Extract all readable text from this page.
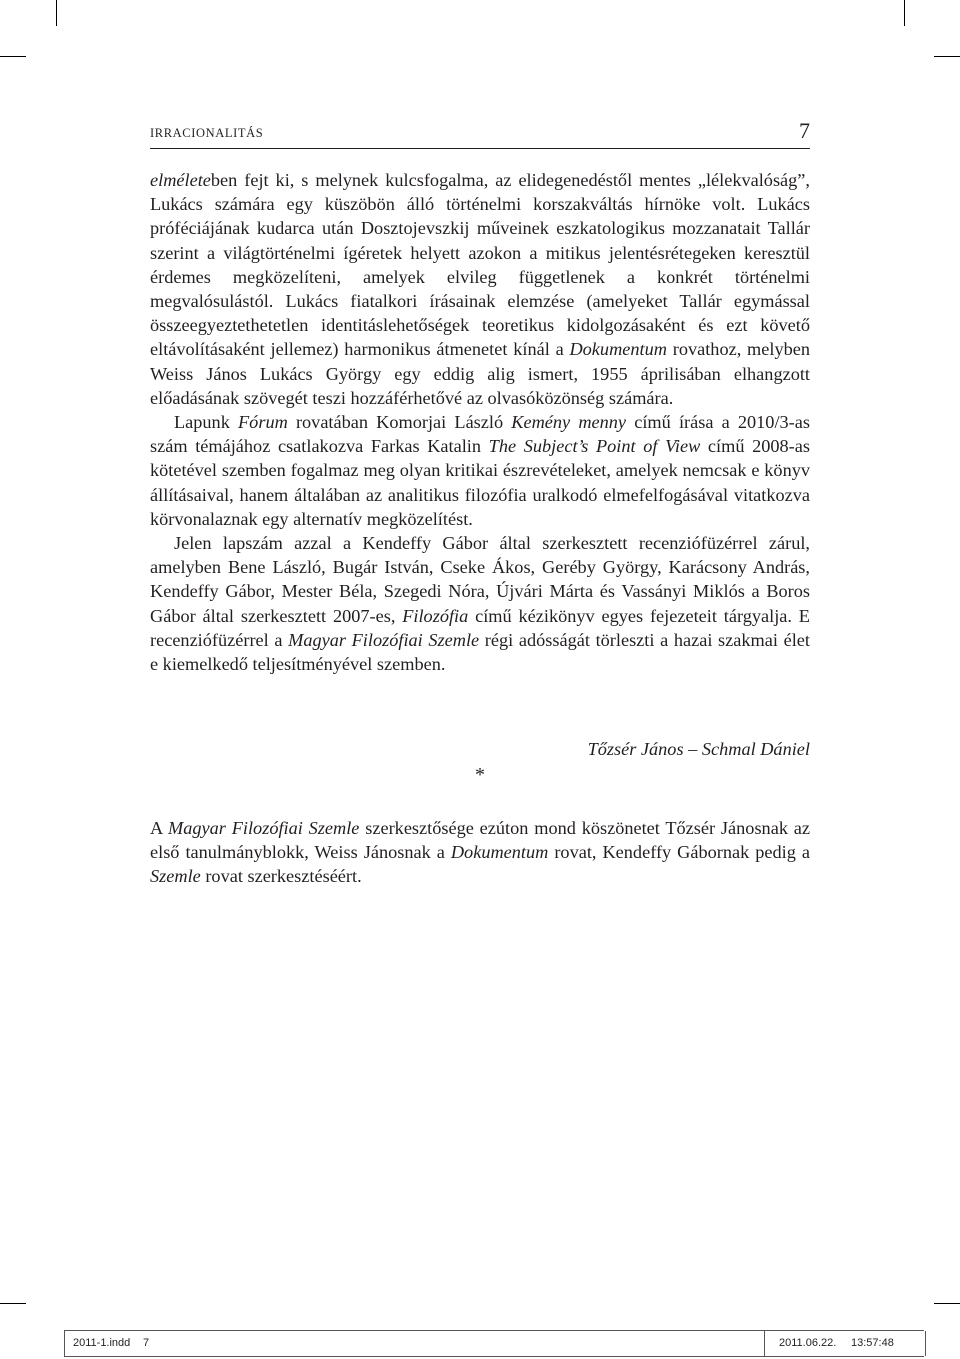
IRRACIONALITÁS	7

elméleteben fejt ki, s melynek kulcsfogalma, az elidegenedéstől mentes „lélekvalóság”, Lukács számára egy küszöbön álló történelmi korszakváltás hírnöke volt. Lukács próféciájának kudarca után Dosztojevszkij műveinek eszkatologikus mozzanatait Tallár szerint a világtörténelmi ígéretek helyett azokon a mitikus jelentésrétegeken keresztül érdemes megközelíteni, amelyek elvileg függetlenek a konkrét történelmi megvalósulástól. Lukács fiatalkori írásainak elemzése (amelyeket Tallár egymással összeegyeztethetetlen identitáslehetőségek teoretikus kidolgozásaként és ezt követő eltávolításaként jellemez) harmonikus átmenetet kínál a Dokumentum rovathoz, melyben Weiss János Lukács György egy eddig alig ismert, 1955 áprilisában elhangzott előadásának szövegét teszi hozzáférhetővé az olvasóközönség számára.

Lapunk Fórum rovatában Komorjai László Kemény menny című írása a 2010/3-as szám témájához csatlakozva Farkas Katalin The Subject’s Point of View című 2008-as kötetével szemben fogalmaz meg olyan kritikai észrevételeket, amelyek nemcsak e könyv állításaival, hanem általában az analitikus filozófia uralkodó elmefelfogásával vitatkozva körvonalaznak egy alternatív megközelítést.

Jelen lapszám azzal a Kendeffy Gábor által szerkesztett recenziófüzérrel zárul, amelyben Bene László, Bugár István, Cseke Ákos, Geréby György, Karácsony András, Kendeffy Gábor, Mester Béla, Szegedi Nóra, Újvári Márta és Vassányi Miklós a Boros Gábor által szerkesztett 2007-es, Filozófia című kézikönyv egyes fejezeteit tárgyalja. E recenziófüzérrel a Magyar Filozófiai Szemle régi adósságát törleszti a hazai szakmai élet e kiemelkedő teljesítményével szemben.

Tőzsér János – Schmal Dániel
*

A Magyar Filozófiai Szemle szerkesztősége ezúton mond köszönetet Tőzsér Jánosnak az első tanulmányblokk, Weiss Jánosnak a Dokumentum rovat, Kendeffy Gábornak pedig a Szemle rovat szerkesztéséért.

2011-1.indd 7	2011.06.22. 13:57:48
